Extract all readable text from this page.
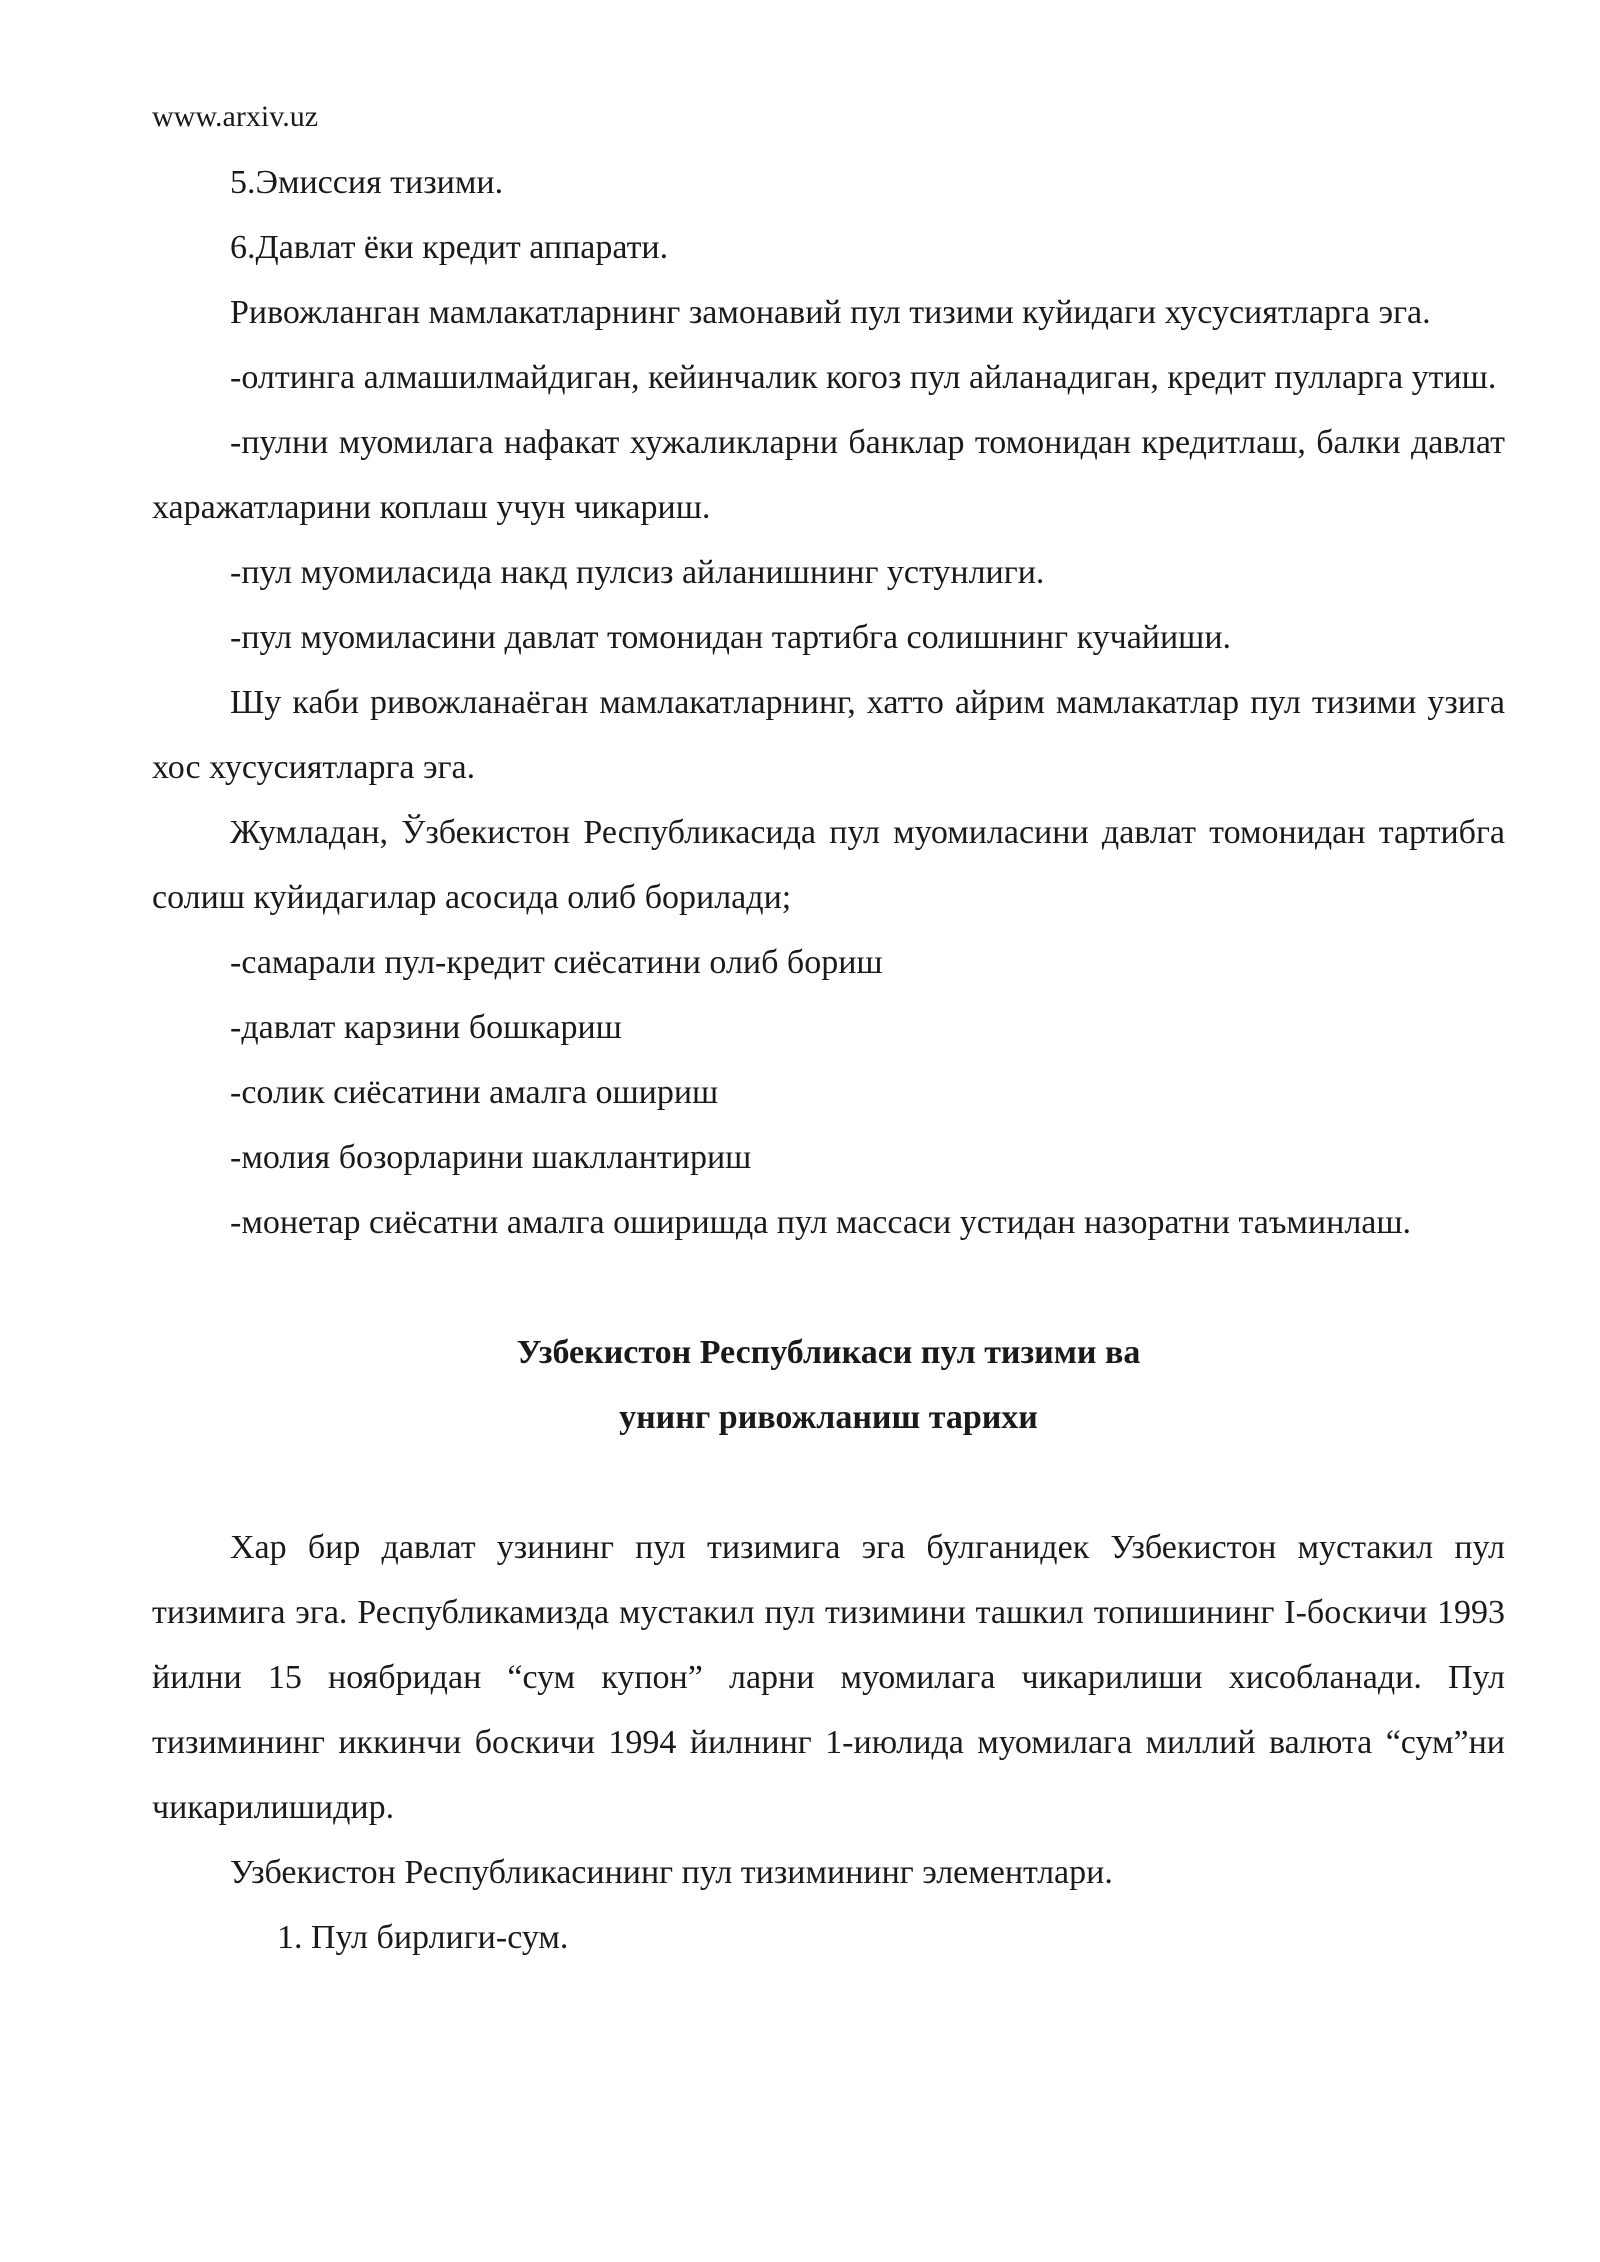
www.arxiv.uz

5.Эмиссия тизими.

6.Давлат ёки кредит аппарати.

Ривожланган мамлакатларнинг замонавий пул тизими куйидаги хусусиятларга эга.

-олтинга алмашилмайдиган, кейинчалик когоз пул айланадиган, кредит пулларга утиш.

-пулни муомилага нафакат хужаликларни банклар томонидан кредитлаш, балки давлат харажатларини коплаш учун чикариш.

-пул муомиласида накд пулсиз айланишнинг устунлиги.

-пул муомиласини давлат томонидан тартибга солишнинг кучайиши.

Шу каби ривожланаёган мамлакатларнинг, хатто айрим мамлакатлар пул тизими узига хос хусусиятларга эга.

Жумладан, Ўзбекистон Республикасида пул муомиласини давлат томонидан тартибга солиш куйидагилар асосида олиб борилади;

-самарали пул-кредит сиёсатини олиб бориш

-давлат карзини бошкариш

-солик сиёсатини амалга ошириш

-молия бозорларини шакллантириш

-монетар сиёсатни амалга оширишда пул массаси устидан назоратни таъминлаш.

Узбекистон Республикаси пул тизими ва

унинг ривожланиш тарихи

Хар бир давлат узининг пул тизимига эга булганидек Узбекистон мустакил пул тизимига эга. Республикамизда мустакил пул тизимини ташкил топишининг I-боскичи 1993 йилни 15 ноябридан “сум купон” ларни муомилага чикарилиши хисобланади. Пул тизимининг иккинчи боскичи 1994 йилнинг 1-июлида муомилага миллий валюта “сум”ни чикарилишидир.

Узбекистон Республикасининг пул тизимининг элементлари.

1. Пул бирлиги-сум.
